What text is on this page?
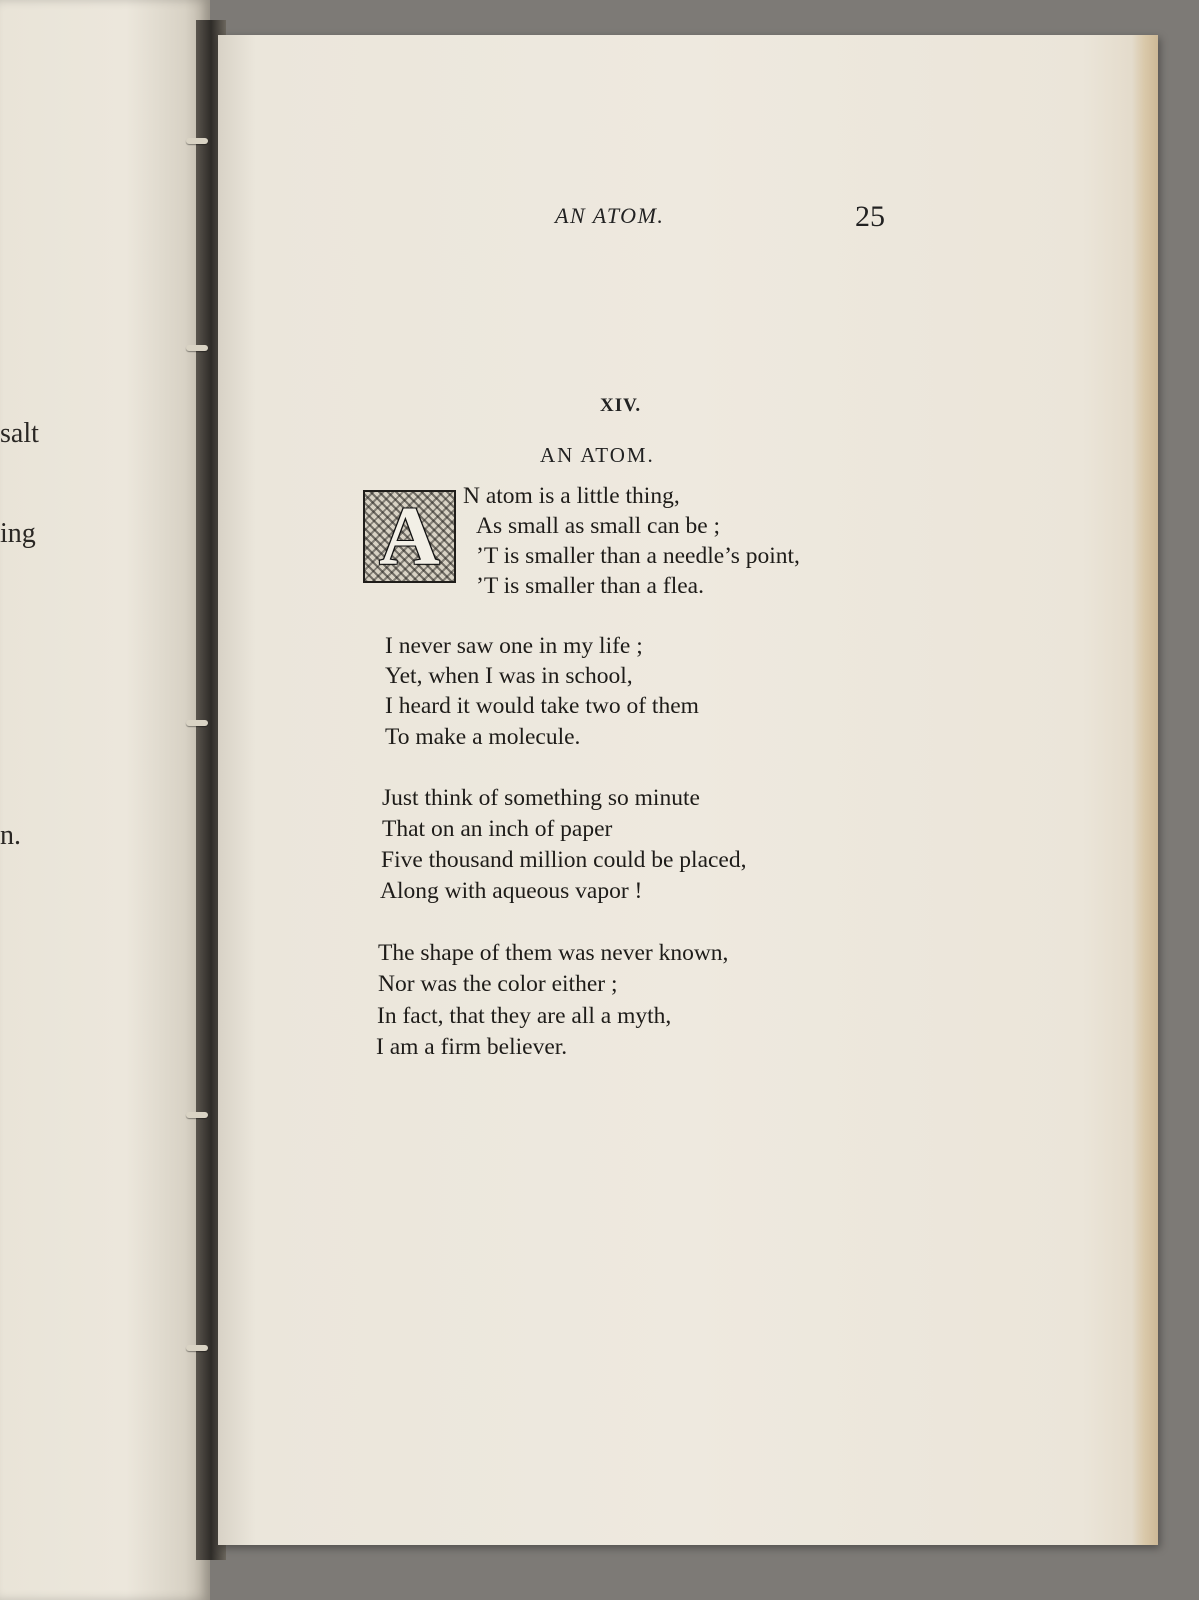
salt
ing
n.
AN ATOM.	25
XIV.
AN ATOM.
A N atom is a little thing,
As small as small can be ;
’T is smaller than a needle’s point,
’T is smaller than a flea.
I never saw one in my life ;
Yet, when I was in school,
I heard it would take two of them
To make a molecule.
Just think of something so minute
That on an inch of paper
Five thousand million could be placed,
Along with aqueous vapor !
The shape of them was never known,
Nor was the color either ;
In fact, that they are all a myth,
I am a firm believer.
